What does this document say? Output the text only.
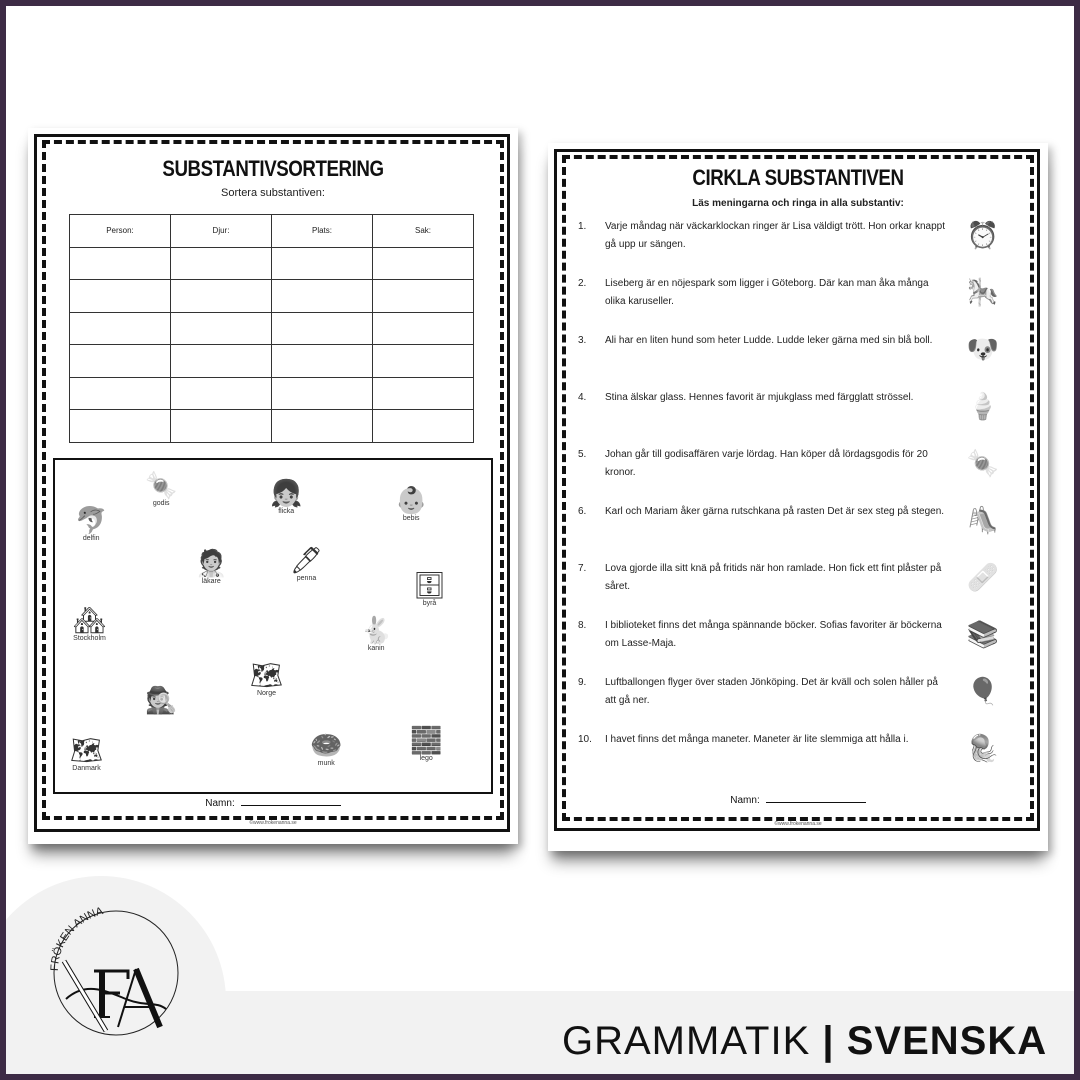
SUBSTANTIVSORTERING
Sortera substantiven:
Person:	Djur:	Plats:	Sak:

🍬
godis	👧
flicka	👶
bebis
🐬
delfin
🧑‍⚕️
läkare
🖊
penna	🗄
byrå
🏘
Stockholm	🐇
kanin
🗺
Norge
🕵
🗺
Danmark
🍩
munk
🧱
lego
Namn:
©www.frokenanna.se
CIRKLA SUBSTANTIVEN
Läs meningarna och ringa in alla substantiv:
1.	Varje måndag när väckarklockan ringer är Lisa väldigt trött. Hon orkar knappt gå upp ur sängen.	⏰
2.	Liseberg är en nöjespark som ligger i Göteborg. Där kan man åka många olika karuseller.	🎠
3.	Ali har en liten hund som heter Ludde. Ludde leker gärna med sin blå boll.	🐶
4.	Stina älskar glass. Hennes favorit är mjukglass med färgglatt strössel.	🍦
5.	Johan går till godisaffären varje lördag. Han köper då lördagsgodis för 20 kronor.	🍬
6.	Karl och Mariam åker gärna rutschkana på rasten Det är sex steg på stegen. 🛝
7.	Lova gjorde illa sitt knä på fritids när hon ramlade. Hon fick ett fint plåster på såret.	🩹
8.	I biblioteket finns det många spännande böcker. Sofias favoriter är böckerna om Lasse-Maja.	📚
9.	Luftballongen flyger över staden Jönköping. Det är kväll och solen håller på att gå ner.	🎈
10.	I havet finns det många maneter. Maneter är lite slemmiga att hålla i.	🪼
Namn:
©www.frokenanna.se
FRÖKEN ANNA
GRAMMATIK | SVENSKA
